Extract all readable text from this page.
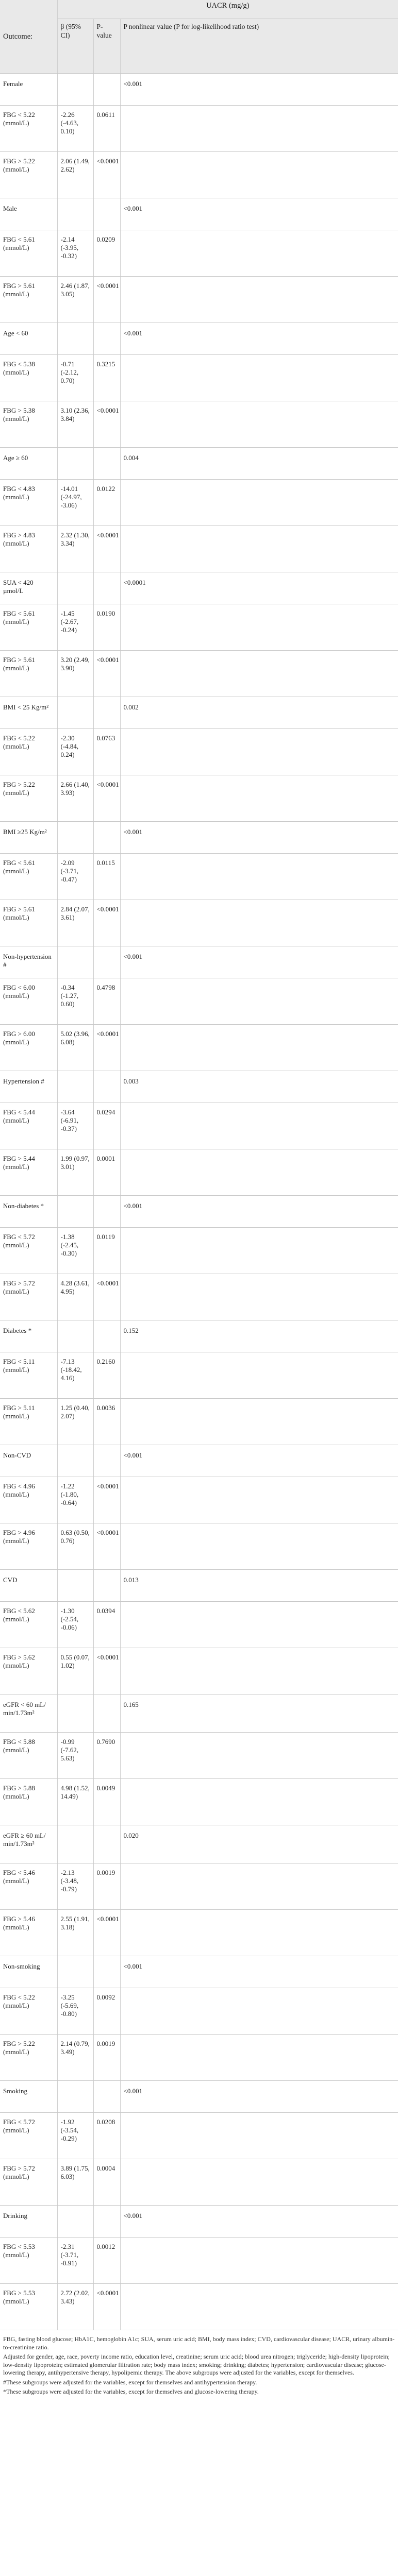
Outcome:	UACR (mg/g)		
	β (95% CI)	P-value	P nonlinear value (P for log-likelihood ratio test)
Female			<0.001
FBG < 5.22 (mmol/L)	-2.26 (-4.63, 0.10)	0.0611	
FBG > 5.22 (mmol/L)	2.06 (1.49, 2.62)	<0.0001	
Male			<0.001
FBG < 5.61 (mmol/L)	-2.14 (-3.95, -0.32)	0.0209	
FBG > 5.61 (mmol/L)	2.46 (1.87, 3.05)	<0.0001	
Age < 60			<0.001
FBG < 5.38 (mmol/L)	-0.71 (-2.12, 0.70)	0.3215	
FBG > 5.38 (mmol/L)	3.10 (2.36, 3.84)	<0.0001	
Age ≥ 60			0.004
FBG < 4.83 (mmol/L)	-14.01 (-24.97, -3.06)	0.0122	
FBG > 4.83 (mmol/L)	2.32 (1.30, 3.34)	<0.0001	
SUA < 420 µmol/L			<0.0001
FBG < 5.61 (mmol/L)	-1.45 (-2.67, -0.24)	0.0190	
FBG > 5.61 (mmol/L)	3.20 (2.49, 3.90)	<0.0001	
BMI < 25 Kg/m²			0.002
FBG < 5.22 (mmol/L)	-2.30 (-4.84, 0.24)	0.0763	
FBG > 5.22 (mmol/L)	2.66 (1.40, 3.93)	<0.0001	
BMI ≥25 Kg/m²			<0.001
FBG < 5.61 (mmol/L)	-2.09 (-3.71, -0.47)	0.0115	
FBG > 5.61 (mmol/L)	2.84 (2.07, 3.61)	<0.0001	
Non-hypertension #			<0.001
FBG < 6.00 (mmol/L)	-0.34 (-1.27, 0.60)	0.4798	
FBG > 6.00 (mmol/L)	5.02 (3.96, 6.08)	<0.0001	
Hypertension #			0.003
FBG < 5.44 (mmol/L)	-3.64 (-6.91, -0.37)	0.0294	
FBG > 5.44 (mmol/L)	1.99 (0.97, 3.01)	0.0001	
Non-diabetes *			<0.001
FBG < 5.72 (mmol/L)	-1.38 (-2.45, -0.30)	0.0119	
FBG > 5.72 (mmol/L)	4.28 (3.61, 4.95)	<0.0001	
Diabetes *			0.152
FBG < 5.11 (mmol/L)	-7.13 (-18.42, 4.16)	0.2160	
FBG > 5.11 (mmol/L)	1.25 (0.40, 2.07)	0.0036	
Non-CVD			<0.001
FBG < 4.96 (mmol/L)	-1.22 (-1.80, -0.64)	<0.0001	
FBG > 4.96 (mmol/L)	0.63 (0.50, 0.76)	<0.0001	
CVD			0.013
FBG < 5.62 (mmol/L)	-1.30 (-2.54, -0.06)	0.0394	
FBG > 5.62 (mmol/L)	0.55 (0.07, 1.02)	<0.0001	
eGFR < 60 mL/ min/1.73m²			0.165
FBG < 5.88 (mmol/L)	-0.99 (-7.62, 5.63)	0.7690	
FBG > 5.88 (mmol/L)	4.98 (1.52, 14.49)	0.0049	
eGFR ≥ 60 mL/ min/1.73m²			0.020
FBG < 5.46 (mmol/L)	-2.13 (-3.48, -0.79)	0.0019	
FBG > 5.46 (mmol/L)	2.55 (1.91, 3.18)	<0.0001	
Non-smoking			<0.001
FBG < 5.22 (mmol/L)	-3.25 (-5.69, -0.80)	0.0092	
FBG > 5.22 (mmol/L)	2.14 (0.79, 3.49)	0.0019	
Smoking			<0.001
FBG < 5.72 (mmol/L)	-1.92 (-3.54, -0.29)	0.0208	
FBG > 5.72 (mmol/L)	3.89 (1.75, 6.03)	0.0004	
Drinking			<0.001
FBG < 5.53 (mmol/L)	-2.31 (-3.71, -0.91)	0.0012	
FBG > 5.53 (mmol/L)	2.72 (2.02, 3.43)	<0.0001	

FBG, fasting blood glucose; HbA1C, hemoglobin A1c; SUA, serum uric acid; BMI, body mass index; CVD, cardiovascular disease; UACR, urinary albumin-to-creatinine ratio.

Adjusted for gender, age, race, poverty income ratio, education level, creatinine; serum uric acid; blood urea nitrogen; triglyceride; high-density lipoprotein; low-density lipoprotein; estimated glomerular filtration rate; body mass index; smoking; drinking; diabetes; hypertension; cardiovascular disease; glucose-lowering therapy, antihypertensive therapy, hypolipemic therapy. The above subgroups were adjusted for the variables, except for themselves.

#These subgroups were adjusted for the variables, except for themselves and antihypertension therapy.

*These subgroups were adjusted for the variables, except for themselves and glucose-lowering therapy.
